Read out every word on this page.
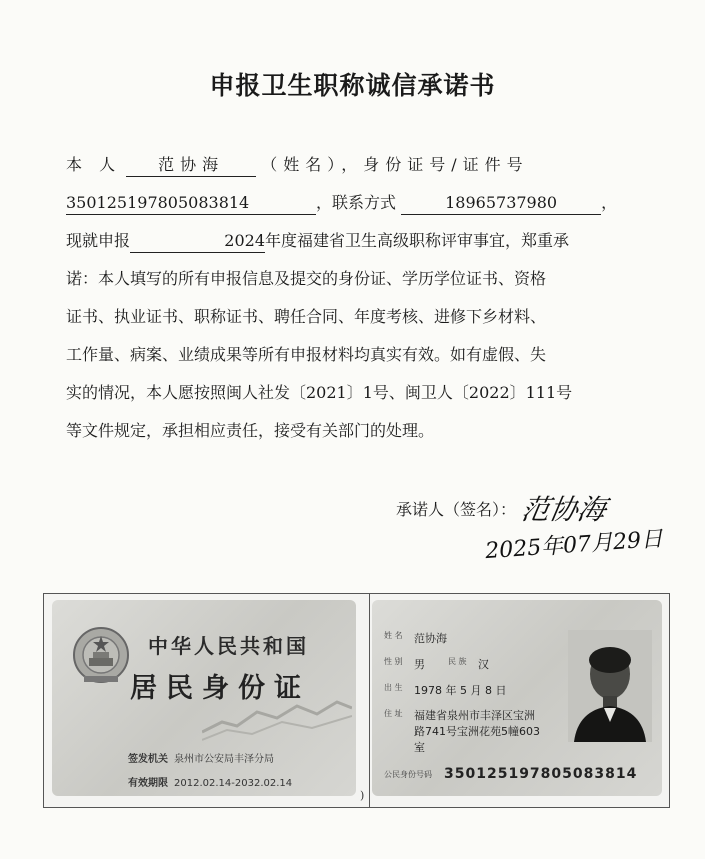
申报卫生职称诚信承诺书
本 人 范协海 （姓名），身份证号/证件号
350125197805083814	，联系方式	18965737980	，
现就申报	2024年度福建省卫生高级职称评审事宜，郑重承
诺：本人填写的所有申报信息及提交的身份证、学历学位证书、资格
证书、执业证书、职称证书、聘任合同、年度考核、进修下乡材料、
工作量、病案、业绩成果等所有申报材料均真实有效。如有虚假、失
实的情况，本人愿按照闽人社发〔2021〕1号、闽卫人〔2022〕111号
等文件规定，承担相应责任，接受有关部门的处理。
承诺人（签名）： 范协海
2025年07月29日
中华人民共和国
居民身份证
签发机关 泉州市公安局丰泽分局
有效期限 2012.02.14-2032.02.14
)
姓 名	范协海
性 别	男	民 族	汉
出 生	1978 年 5 月 8 日
住 址	福建省泉州市丰泽区宝洲路741号宝洲花苑5幢603室
公民身份号码 350125197805083814
